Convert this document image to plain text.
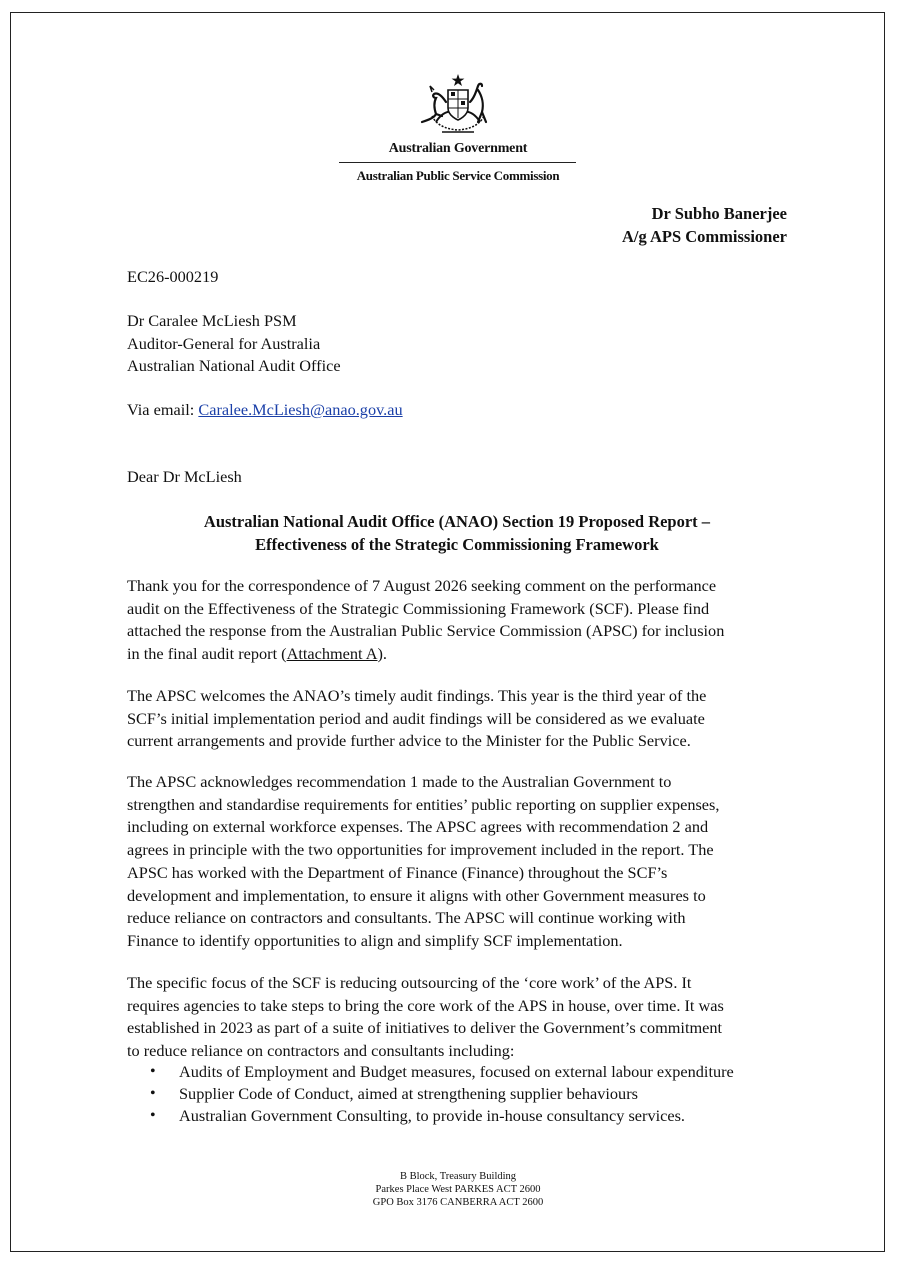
Australian Government
Australian Public Service Commission
Dr Subho Banerjee
A/g APS Commissioner
EC26-000219
Dr Caralee McLiesh PSM
Auditor-General for Australia
Australian National Audit Office
Via email: Caralee.McLiesh@anao.gov.au
Dear Dr McLiesh
Australian National Audit Office (ANAO) Section 19 Proposed Report –
Effectiveness of the Strategic Commissioning Framework
Thank you for the correspondence of 7 August 2026 seeking comment on the performance
audit on the Effectiveness of the Strategic Commissioning Framework (SCF). Please find
attached the response from the Australian Public Service Commission (APSC) for inclusion
in the final audit report (Attachment A).
The APSC welcomes the ANAO’s timely audit findings. This year is the third year of the
SCF’s initial implementation period and audit findings will be considered as we evaluate
current arrangements and provide further advice to the Minister for the Public Service.
The APSC acknowledges recommendation 1 made to the Australian Government to
strengthen and standardise requirements for entities’ public reporting on supplier expenses,
including on external workforce expenses. The APSC agrees with recommendation 2 and
agrees in principle with the two opportunities for improvement included in the report. The
APSC has worked with the Department of Finance (Finance) throughout the SCF’s
development and implementation, to ensure it aligns with other Government measures to
reduce reliance on contractors and consultants. The APSC will continue working with
Finance to identify opportunities to align and simplify SCF implementation.
The specific focus of the SCF is reducing outsourcing of the ‘core work’ of the APS. It
requires agencies to take steps to bring the core work of the APS in house, over time. It was
established in 2023 as part of a suite of initiatives to deliver the Government’s commitment
to reduce reliance on contractors and consultants including:
• Audits of Employment and Budget measures, focused on external labour expenditure
• Supplier Code of Conduct, aimed at strengthening supplier behaviours
• Australian Government Consulting, to provide in-house consultancy services.
B Block, Treasury Building
Parkes Place West PARKES ACT 2600
GPO Box 3176 CANBERRA ACT 2600
